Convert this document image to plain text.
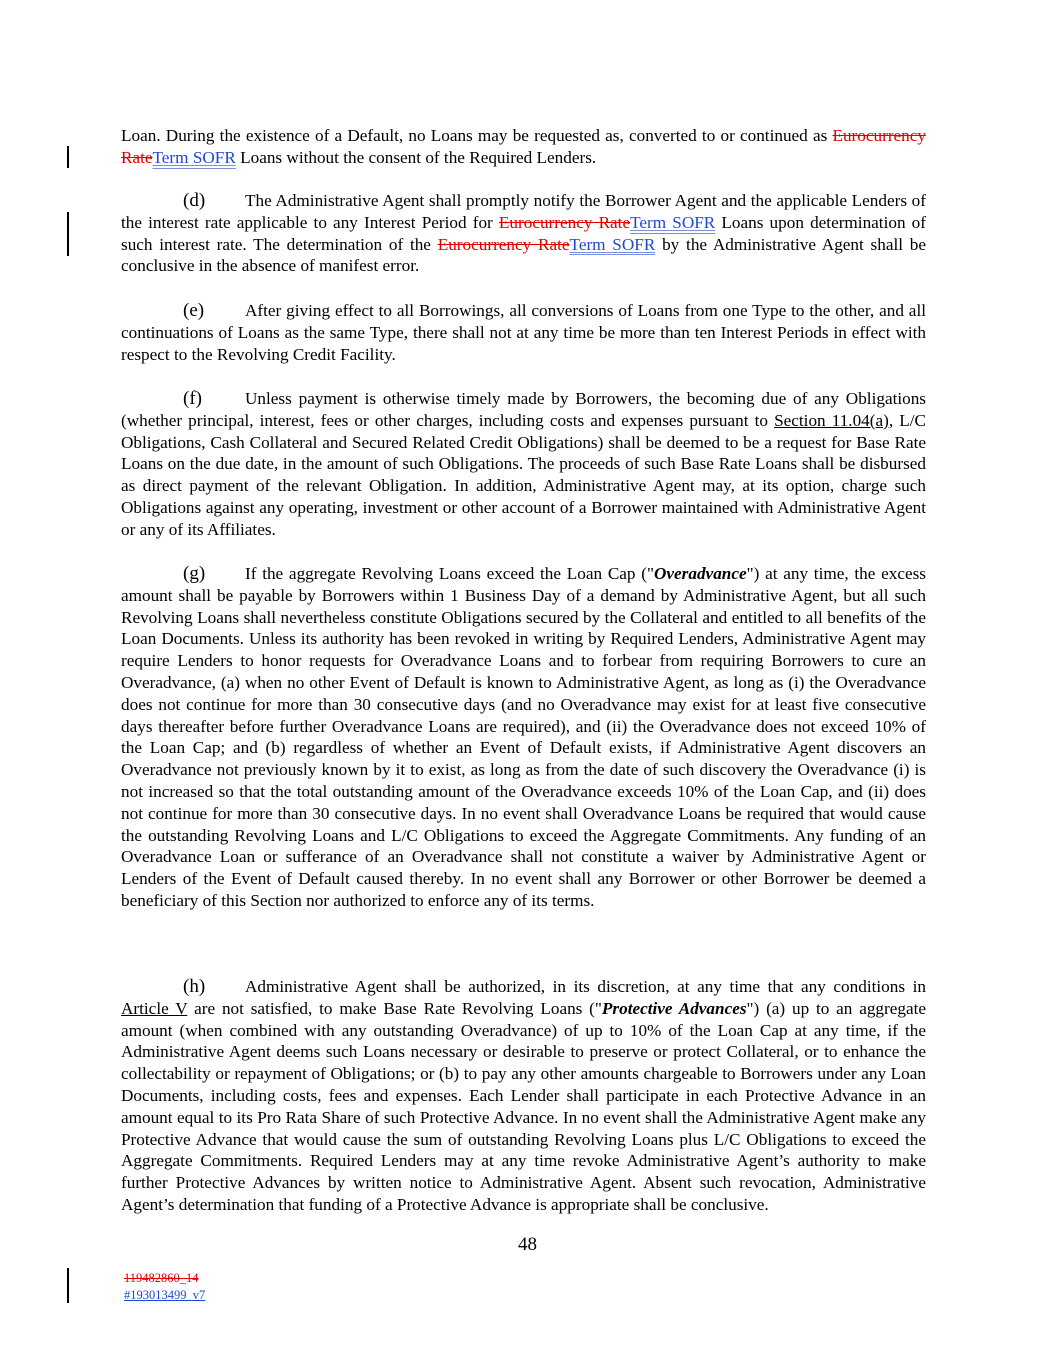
Loan. During the existence of a Default, no Loans may be requested as, converted to or continued as Eurocurrency RateTerm SOFR Loans without the consent of the Required Lenders.

(d) The Administrative Agent shall promptly notify the Borrower Agent and the applicable Lenders of the interest rate applicable to any Interest Period for Eurocurrency RateTerm SOFR Loans upon determination of such interest rate. The determination of the Eurocurrency RateTerm SOFR by the Administrative Agent shall be conclusive in the absence of manifest error.

(e) After giving effect to all Borrowings, all conversions of Loans from one Type to the other, and all continuations of Loans as the same Type, there shall not at any time be more than ten Interest Periods in effect with respect to the Revolving Credit Facility.

(f)	Unless payment is otherwise timely made by Borrowers, the becoming due of any Obligations (whether principal, interest, fees or other charges, including costs and expenses pursuant to Section 11.04(a), L/C Obligations, Cash Collateral and Secured Related Credit Obligations) shall be deemed to be a request for Base Rate Loans on the due date, in the amount of such Obligations. The proceeds of such Base Rate Loans shall be disbursed as direct payment of the relevant Obligation. In addition, Administrative Agent may, at its option, charge such Obligations against any operating, investment or other account of a Borrower maintained with Administrative Agent or any of its Affiliates.

(g) If the aggregate Revolving Loans exceed the Loan Cap ("Overadvance") at any time, the excess amount shall be payable by Borrowers within 1 Business Day of a demand by Administrative Agent, but all such Revolving Loans shall nevertheless constitute Obligations secured by the Collateral and entitled to all benefits of the Loan Documents. Unless its authority has been revoked in writing by Required Lenders, Administrative Agent may require Lenders to honor requests for Overadvance Loans and to forbear from requiring Borrowers to cure an Overadvance, (a) when no other Event of Default is known to Administrative Agent, as long as (i) the Overadvance does not continue for more than 30 consecutive days (and no Overadvance may exist for at least five consecutive days thereafter before further Overadvance Loans are required), and (ii) the Overadvance does not exceed 10% of the Loan Cap; and (b) regardless of whether an Event of Default exists, if Administrative Agent discovers an Overadvance not previously known by it to exist, as long as from the date of such discovery the Overadvance (i) is not increased so that the total outstanding amount of the Overadvance exceeds 10% of the Loan Cap, and (ii) does not continue for more than 30 consecutive days. In no event shall Overadvance Loans be required that would cause the outstanding Revolving Loans and L/C Obligations to exceed the Aggregate Commitments. Any funding of an Overadvance Loan or sufferance of an Overadvance shall not constitute a waiver by Administrative Agent or Lenders of the Event of Default caused thereby. In no event shall any Borrower or other Borrower be deemed a beneficiary of this Section nor authorized to enforce any of its terms.

(h) Administrative Agent shall be authorized, in its discretion, at any time that any conditions in Article V are not satisfied, to make Base Rate Revolving Loans ("Protective Advances") (a) up to an aggregate amount (when combined with any outstanding Overadvance) of up to 10% of the Loan Cap at any time, if the Administrative Agent deems such Loans necessary or desirable to preserve or protect Collateral, or to enhance the collectability or repayment of Obligations; or (b) to pay any other amounts chargeable to Borrowers under any Loan Documents, including costs, fees and expenses. Each Lender shall participate in each Protective Advance in an amount equal to its Pro Rata Share of such Protective Advance. In no event shall the Administrative Agent make any Protective Advance that would cause the sum of outstanding Revolving Loans plus L/C Obligations to exceed the Aggregate Commitments. Required Lenders may at any time revoke Administrative Agent’s authority to make further Protective Advances by written notice to Administrative Agent. Absent such revocation, Administrative Agent’s determination that funding of a Protective Advance is appropriate shall be conclusive.

48
119482860_14
#193013499_v7
